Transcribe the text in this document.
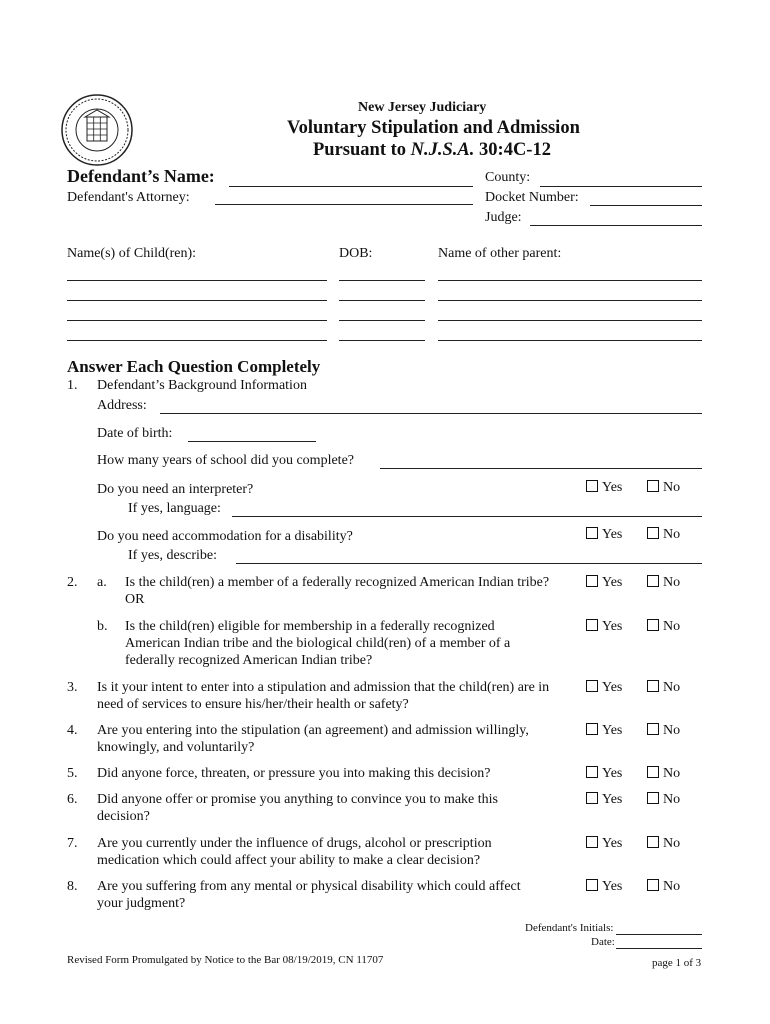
New Jersey Judiciary
Voluntary Stipulation and Admission
Pursuant to N.J.S.A. 30:4C-12
Defendant’s Name:
Defendant's Attorney:
County:
Docket Number:
Judge:
Name(s) of Child(ren):	DOB:	Name of other parent:
Answer Each Question Completely
1. Defendant’s Background Information
Address:
Date of birth:
How many years of school did you complete?
Do you need an interpreter?	Yes	No
If yes, language:
Do you need accommodation for a disability?	Yes	No
If yes, describe:
2. a. Is the child(ren) a member of a federally recognized American Indian tribe?	Yes	No
OR
b. Is the child(ren) eligible for membership in a federally recognized
American Indian tribe and the biological child(ren) of a member of a
federally recognized American Indian tribe?
Yes	No
3. Is it your intent to enter into a stipulation and admission that the child(ren) are in
need of services to ensure his/her/their health or safety?
Yes	No
4. Are you entering into the stipulation (an agreement) and admission willingly,
knowingly, and voluntarily?
Yes	No
5. Did anyone force, threaten, or pressure you into making this decision?	Yes	No
6. Did anyone offer or promise you anything to convince you to make this
decision?
Yes	No
7. Are you currently under the influence of drugs, alcohol or prescription
medication which could affect your ability to make a clear decision?
Yes	No
8. Are you suffering from any mental or physical disability which could affect
your judgment?
Yes	No
Defendant's Initials:
Date:
Revised Form Promulgated by Notice to the Bar 08/19/2019, CN 11707	page 1 of 3
